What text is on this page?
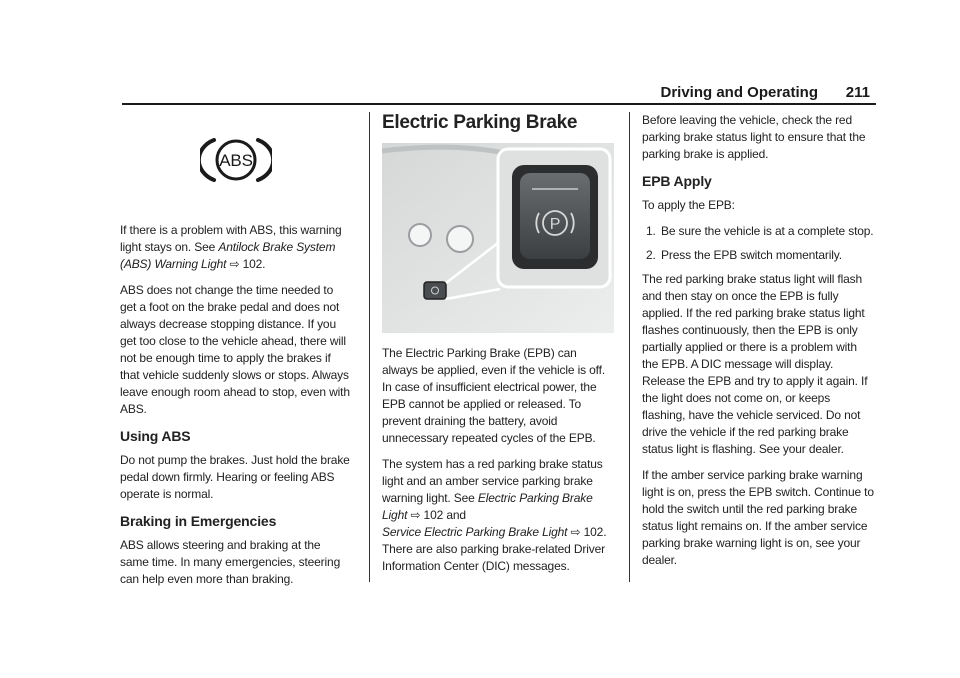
Driving and Operating 211
ABS

If there is a problem with ABS, this warning light stays on. See Antilock Brake System (ABS) Warning Light ⇨ 102.

ABS does not change the time needed to get a foot on the brake pedal and does not always decrease stopping distance. If you get too close to the vehicle ahead, there will not be enough time to apply the brakes if that vehicle suddenly slows or stops. Always leave enough room ahead to stop, even with ABS.

Using ABS

Do not pump the brakes. Just hold the brake pedal down firmly. Hearing or feeling ABS operate is normal.

Braking in Emergencies

ABS allows steering and braking at the same time. In many emergencies, steering can help even more than braking.

Electric Parking Brake
P

The Electric Parking Brake (EPB) can always be applied, even if the vehicle is off. In case of insufficient electrical power, the EPB cannot be applied or released. To prevent draining the battery, avoid unnecessary repeated cycles of the EPB.

The system has a red parking brake status light and an amber service parking brake warning light. See Electric Parking Brake Light ⇨ 102 and
Service Electric Parking Brake Light ⇨ 102.
There are also parking brake-related Driver Information Center (DIC) messages.

Before leaving the vehicle, check the red parking brake status light to ensure that the parking brake is applied.

EPB Apply

To apply the EPB:

1. Be sure the vehicle is at a complete stop.
2. Press the EPB switch momentarily.

The red parking brake status light will flash and then stay on once the EPB is fully applied. If the red parking brake status light flashes continuously, then the EPB is only partially applied or there is a problem with the EPB. A DIC message will display. Release the EPB and try to apply it again. If the light does not come on, or keeps flashing, have the vehicle serviced. Do not drive the vehicle if the red parking brake status light is flashing. See your dealer.

If the amber service parking brake warning light is on, press the EPB switch. Continue to hold the switch until the red parking brake status light remains on. If the amber service parking brake warning light is on, see your dealer.
